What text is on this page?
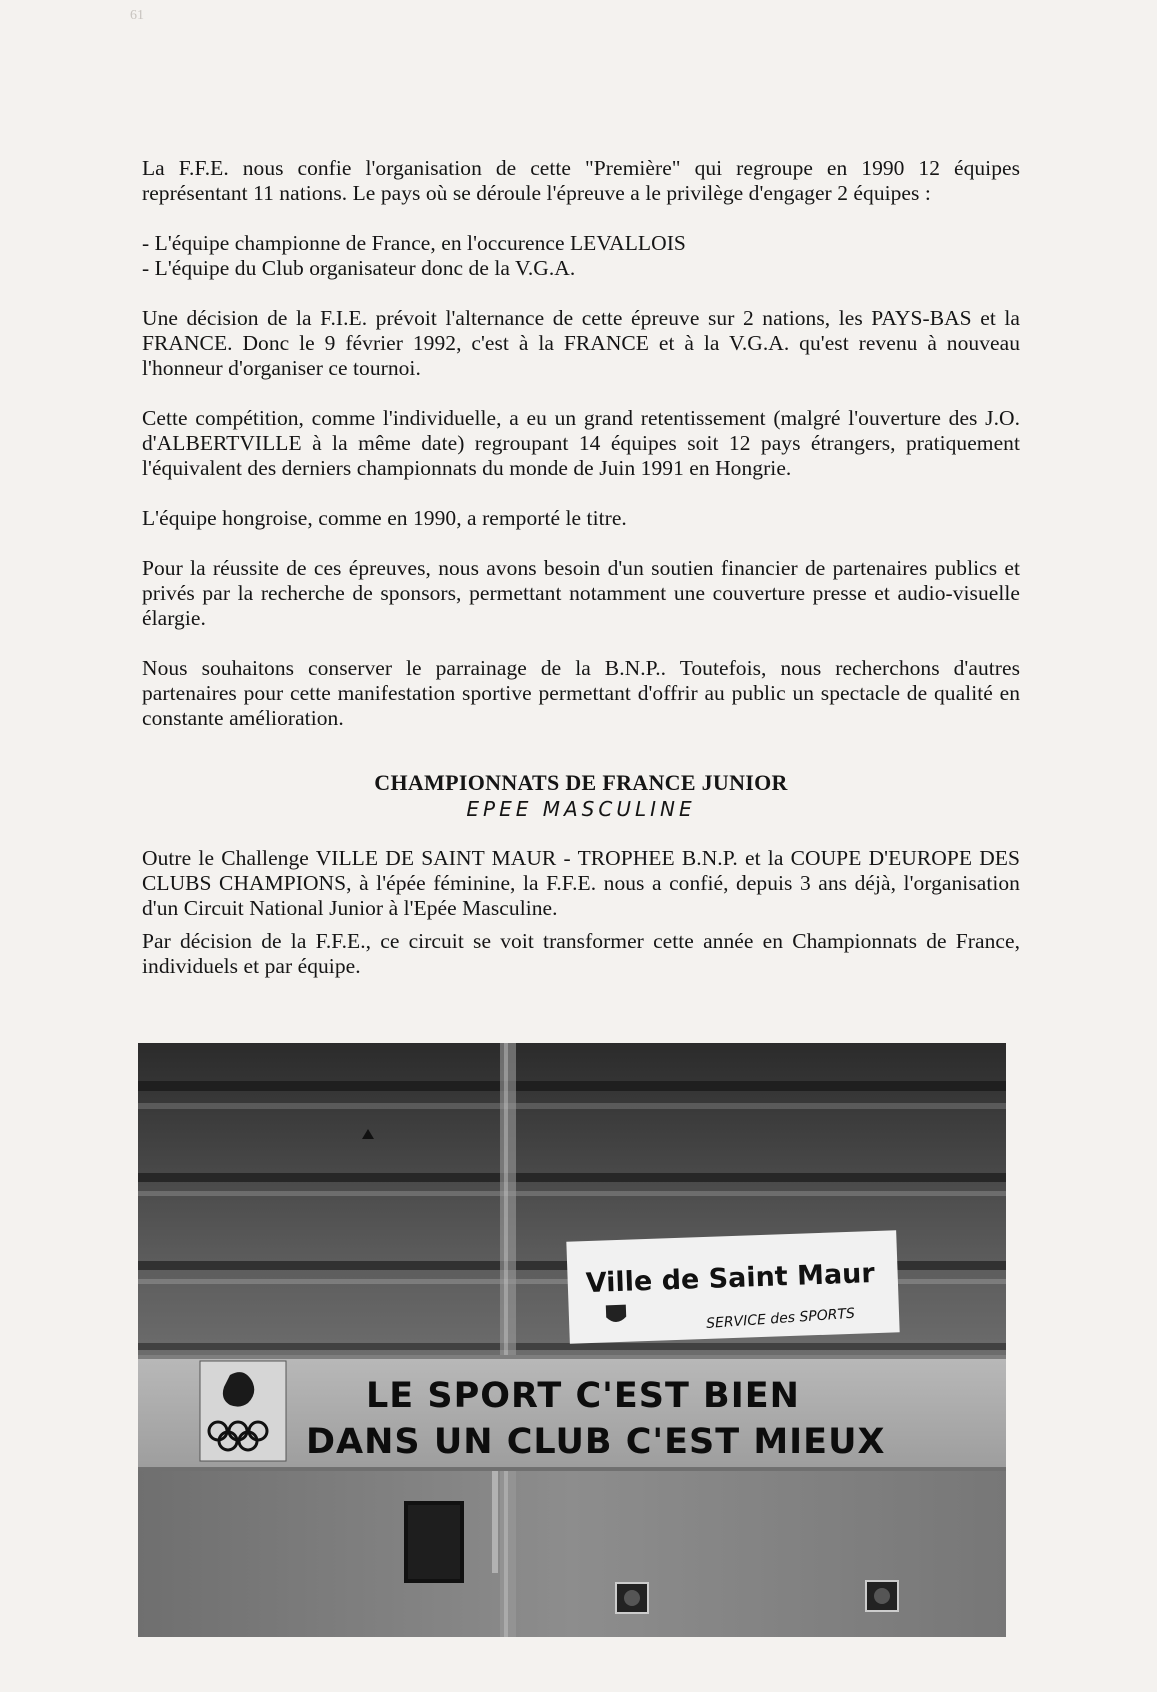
61

La F.F.E. nous confie l'organisation de cette "Première" qui regroupe en 1990 12 équipes représentant 11 nations. Le pays où se déroule l'épreuve a le privilège d'engager 2 équipes :

- L'équipe championne de France, en l'occurence LEVALLOIS

- L'équipe du Club organisateur donc de la V.G.A.

Une décision de la F.I.E. prévoit l'alternance de cette épreuve sur 2 nations, les PAYS-BAS et la FRANCE. Donc le 9 février 1992, c'est à la FRANCE et à la V.G.A. qu'est revenu à nouveau l'honneur d'organiser ce tournoi.

Cette compétition, comme l'individuelle, a eu un grand retentissement (malgré l'ouverture des J.O. d'ALBERTVILLE à la même date) regroupant 14 équipes soit 12 pays étrangers, pratiquement l'équivalent des derniers championnats du monde de Juin 1991 en Hongrie.

L'équipe hongroise, comme en 1990, a remporté le titre.

Pour la réussite de ces épreuves, nous avons besoin d'un soutien financier de partenaires publics et privés par la recherche de sponsors, permettant notamment une couverture presse et audio-visuelle élargie.

Nous souhaitons conserver le parrainage de la B.N.P.. Toutefois, nous recherchons d'autres partenaires pour cette manifestation sportive permettant d'offrir au public un spectacle de qualité en constante amélioration.

CHAMPIONNATS DE FRANCE JUNIOR
EPEE MASCULINE

Outre le Challenge VILLE DE SAINT MAUR - TROPHEE B.N.P. et la COUPE D'EUROPE DES CLUBS CHAMPIONS, à l'épée féminine, la F.F.E. nous a confié, depuis 3 ans déjà, l'organisation d'un Circuit National Junior à l'Epée Masculine.

Par décision de la F.F.E., ce circuit se voit transformer cette année en Championnats de France, individuels et par équipe.

Ville de Saint Maur
SERVICE des SPORTS
LE SPORT C'EST BIEN
DANS UN CLUB C'EST MIEUX
